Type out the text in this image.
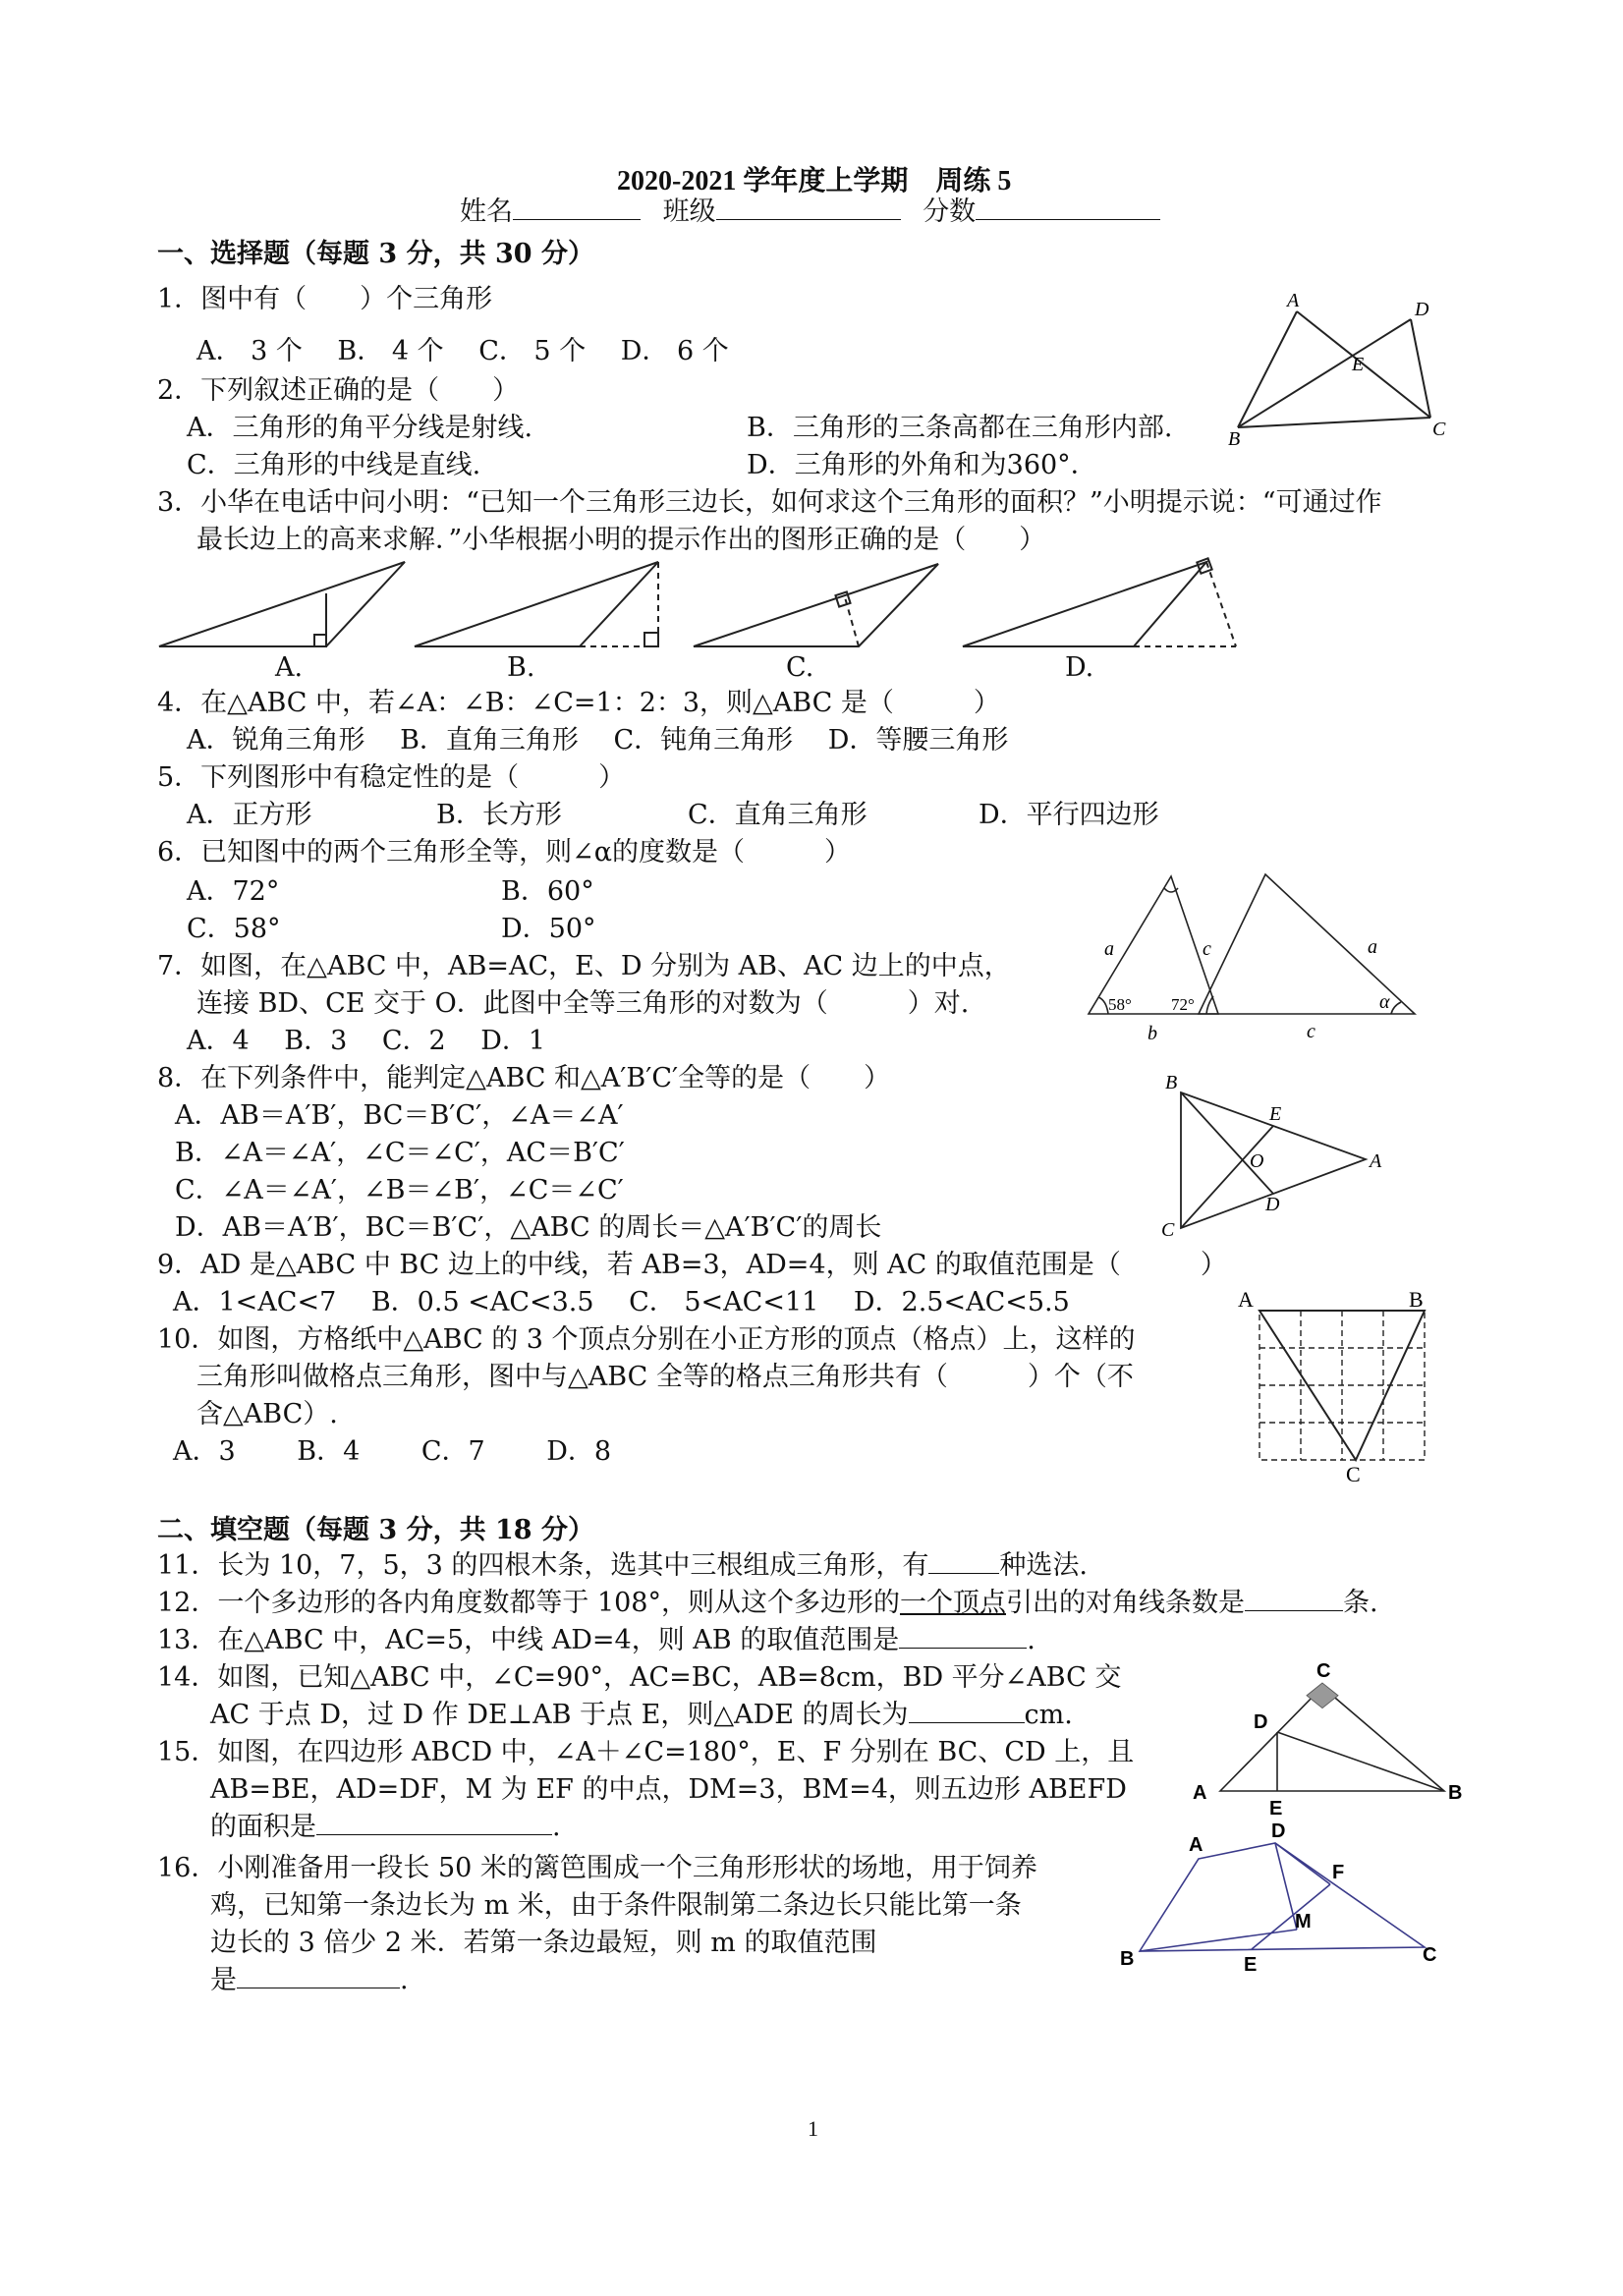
2020-2021 学年度上学期　周练 5
姓名	班级	分数
一、选择题（每题 3 分，共 30 分）
1．图中有（　　）个三角形
A． 3 个　 B． 4 个　 C． 5 个　 D． 6 个
2．下列叙述正确的是（　　）
A．三角形的角平分线是射线.	B．三角形的三条高都在三角形内部.
C．三角形的中线是直线.	D．三角形的外角和为360°．
3．小华在电话中问小明：“已知一个三角形三边长，如何求这个三角形的面积？”小明提示说：“可通过作
最长边上的高来求解．”小华根据小明的提示作出的图形正确的是（　　）
A.	B.	C.	D.
4．在△ABC 中，若∠A：∠B：∠C=1：2：3，则△ABC 是（　　　）
A．锐角三角形　 B．直角三角形　 C．钝角三角形　 D．等腰三角形
5．下列图形中有稳定性的是（　　　）
A．正方形	B．长方形	C．直角三角形	D．平行四边形
6．已知图中的两个三角形全等，则∠α的度数是（　　　）
A．72°	B．60°
C．58°	D．50°
7．如图，在△ABC 中，AB=AC，E、D 分别为 AB、AC 边上的中点，
连接 BD、CE 交于 O．此图中全等三角形的对数为（　　　）对.
A．4　 B．3　 C．2　 D．1
8．在下列条件中，能判定△ABC 和△A′B′C′全等的是（　　）
A．AB＝A′B′，BC＝B′C′，∠A＝∠A′
B．∠A＝∠A′，∠C＝∠C′，AC＝B′C′
C．∠A＝∠A′，∠B＝∠B′，∠C＝∠C′
D．AB＝A′B′，BC＝B′C′，△ABC 的周长＝△A′B′C′的周长
9．AD 是△ABC 中 BC 边上的中线，若 AB=3，AD=4，则 AC 的取值范围是（　　　）
A．1<AC<7　 B．0.5 <AC<3.5　 C． 5<AC<11　 D．2.5<AC<5.5
10．如图，方格纸中△ABC 的 3 个顶点分别在小正方形的顶点（格点）上，这样的
三角形叫做格点三角形，图中与△ABC 全等的格点三角形共有（　　　）个（不
含△ABC）.
A．3　　 B．4　　 C．7　　 D．8
二、填空题（每题 3 分，共 18 分）
11．长为 10，7，5，3 的四根木条，选其中三根组成三角形，有	种选法.
12．一个多边形的各内角度数都等于 108°，则从这个多边形的一个顶点引出的对角线条数是	条.
13．在△ABC 中，AC=5，中线 AD=4，则 AB 的取值范围是	.
14．如图，已知△ABC 中，∠C=90°，AC=BC，AB=8cm，BD 平分∠ABC 交
AC 于点 D，过 D 作 DE⊥AB 于点 E，则△ADE 的周长为	cm.
15．如图，在四边形 ABCD 中，∠A＋∠C=180°，E、F 分别在 BC、CD 上，且
AB=BE，AD=DF，M 为 EF 的中点，DM=3，BM=4，则五边形 ABEFD
的面积是	.
16．小刚准备用一段长 50 米的篱笆围成一个三角形形状的场地，用于饲养
鸡，已知第一条边长为 m 米，由于条件限制第二条边长只能比第一条
边长的 3 倍少 2 米．若第一条边最短，则 m 的取值范围
是	.
A	D
E
B	C
a	c
b
58° 72°
a
c
α
B
E
O	A
D
C
A	B
C
C
D
A
E
B
A
D
F
M
B	E	C
1
